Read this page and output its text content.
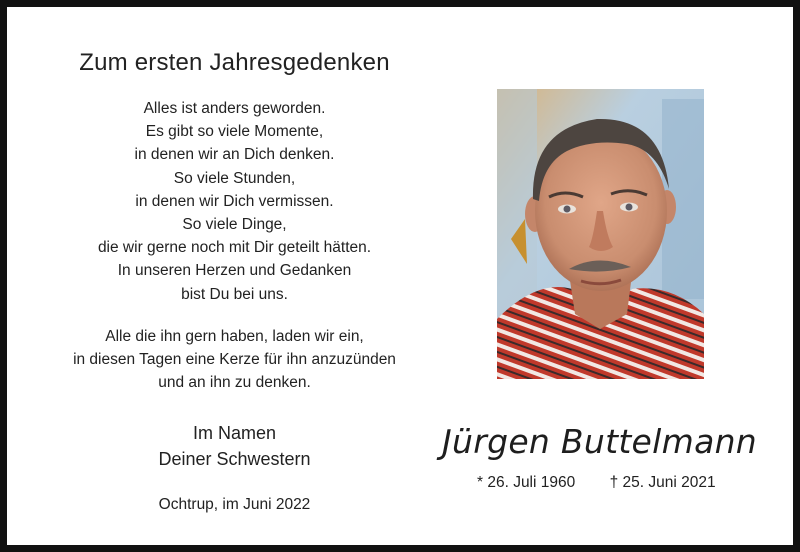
Zum ersten Jahresgedenken
Alles ist anders geworden.
Es gibt so viele Momente,
in denen wir an Dich denken.
So viele Stunden,
in denen wir Dich vermissen.
So viele Dinge,
die wir gerne noch mit Dir geteilt hätten.
In unseren Herzen und Gedanken
bist Du bei uns.
Alle die ihn gern haben, laden wir ein,
in diesen Tagen eine Kerze für ihn anzuzünden
und an ihn zu denken.
Im Namen
Deiner Schwestern
Ochtrup, im Juni 2022
Jürgen Buttelmann
* 26. Juli 1960 † 25. Juni 2021
